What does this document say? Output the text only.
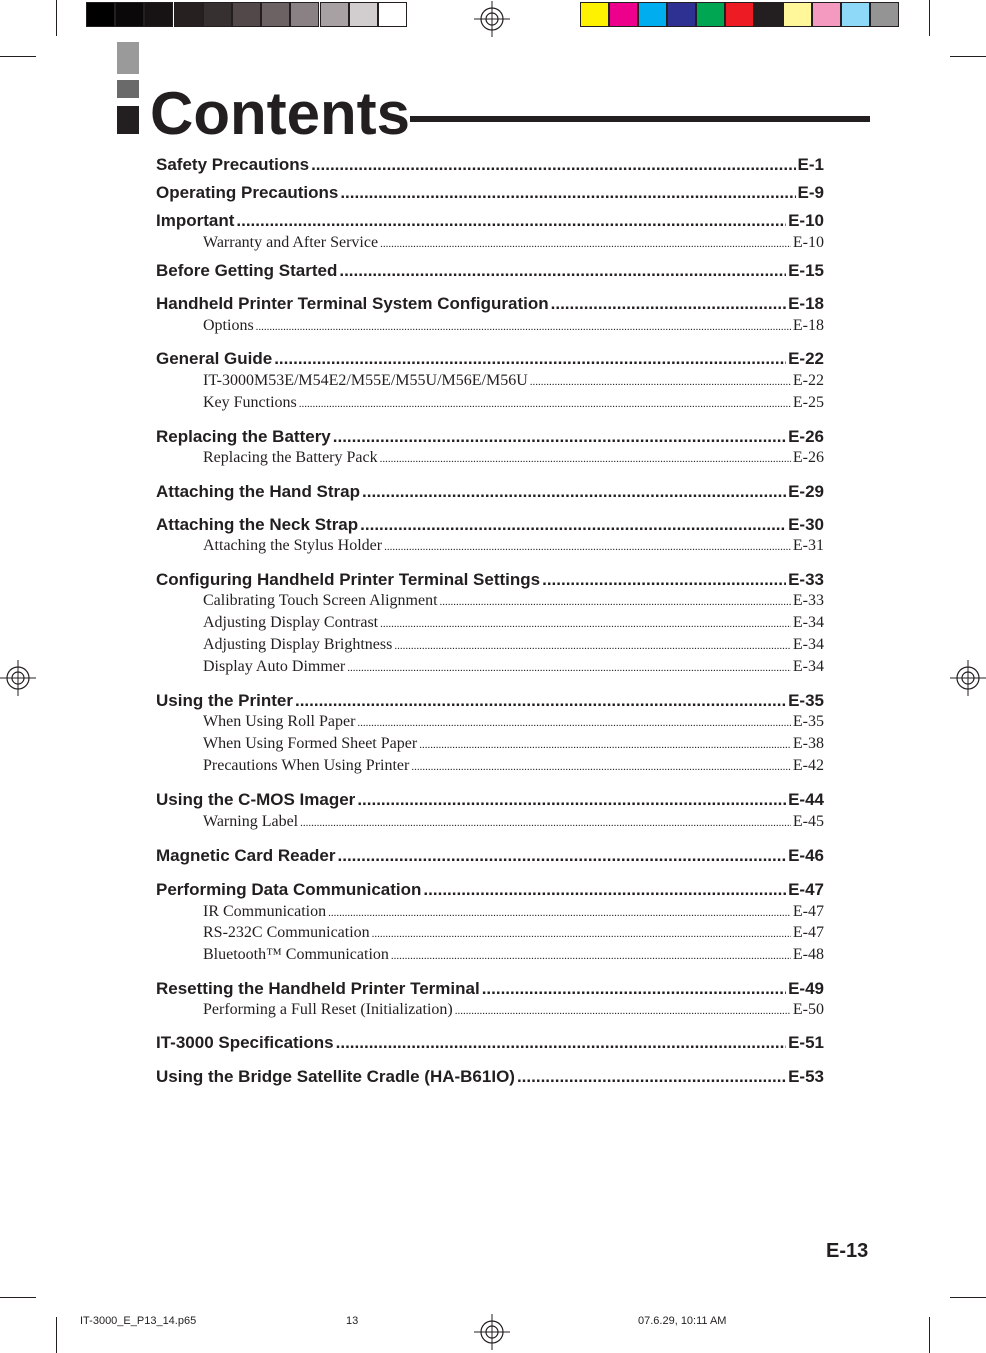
Contents
Safety Precautions .....	E-1
Operating Precautions .....	E-9
Important .....	E-10
Warranty and After Service .....	E-10
Before Getting Started .....	E-15
Handheld Printer Terminal System Configuration .....	E-18
Options .....	E-18
General Guide .....	E-22
IT-3000M53E/M54E2/M55E/M55U/M56E/M56U .....	E-22
Key Functions .....	E-25
Replacing the Battery .....	E-26
Replacing the Battery Pack .....	E-26
Attaching the Hand Strap .....	E-29
Attaching the Neck Strap .....	E-30
Attaching the Stylus Holder .....	E-31
Configuring Handheld Printer Terminal Settings .....	E-33
Calibrating Touch Screen Alignment .....	E-33
Adjusting Display Contrast .....	E-34
Adjusting Display Brightness .....	E-34
Display Auto Dimmer .....	E-34
Using the Printer .....	E-35
When Using Roll Paper .....	E-35
When Using Formed Sheet Paper .....	E-38
Precautions When Using Printer .....	E-42
Using the C-MOS Imager .....	E-44
Warning Label .....	E-45
Magnetic Card Reader .....	E-46
Performing Data Communication .....	E-47
IR Communication .....	E-47
RS-232C Communication .....	E-47
Bluetooth™ Communication .....	E-48
Resetting the Handheld Printer Terminal .....	E-49
Performing a Full Reset (Initialization) .....	E-50
IT-3000 Specifications .....	E-51
Using the Bridge Satellite Cradle (HA-B61IO) .....	E-53
E-13
IT-3000_E_P13_14.p65	13	07.6.29, 10:11 AM
